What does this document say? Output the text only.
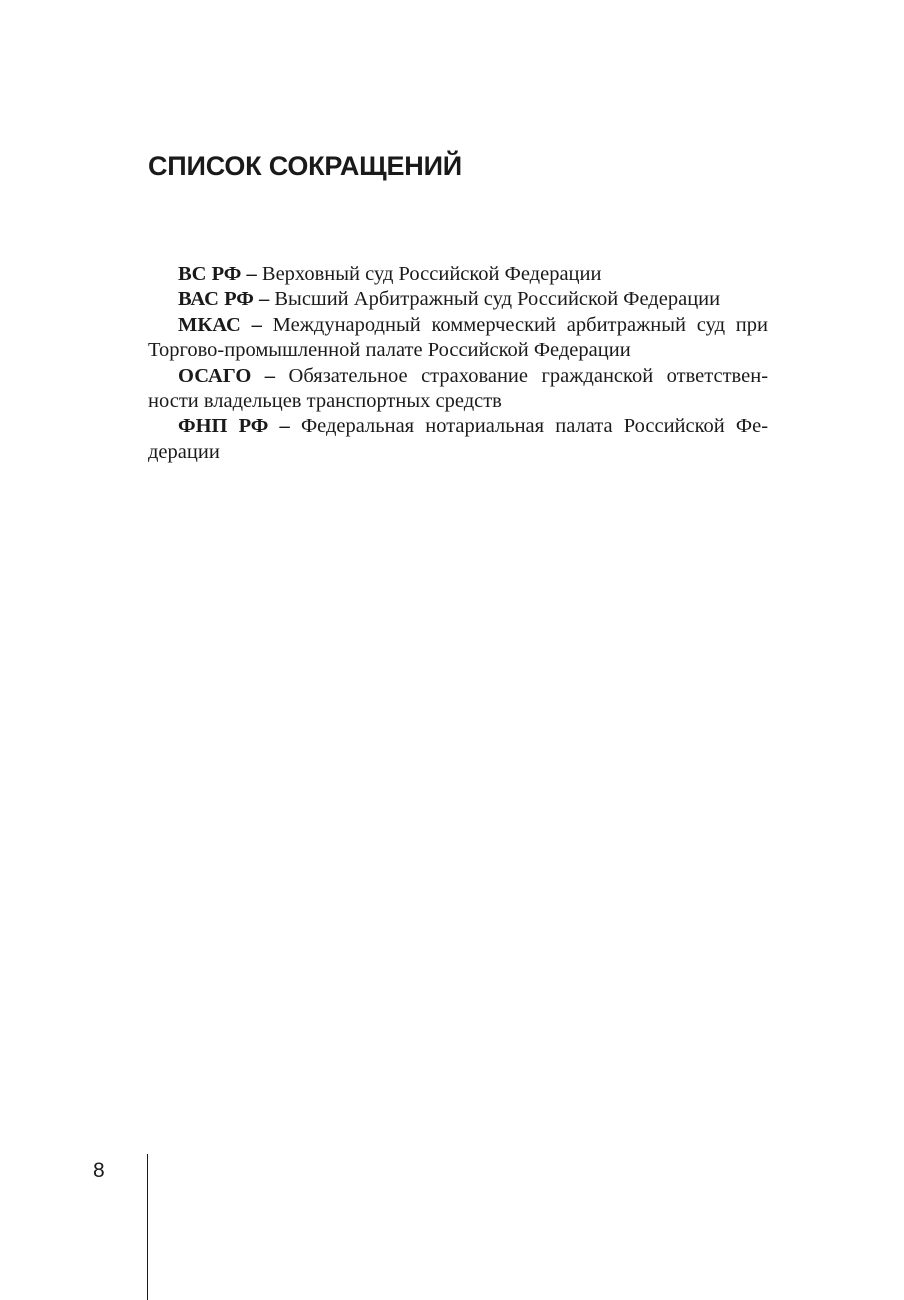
СПИСОК СОКРАЩЕНИЙ

ВС РФ – Верховный суд Российской Федерации

ВАС РФ – Высший Арбитражный суд Российской Федерации

МКАС – Международный коммерческий арбитражный суд при Торгово-промышленной палате Российской Федерации

ОСАГО – Обязательное страхование гражданской ответственности владельцев транспортных средств

ФНП РФ – Федеральная нотариальная палата Российской Федерации

8
